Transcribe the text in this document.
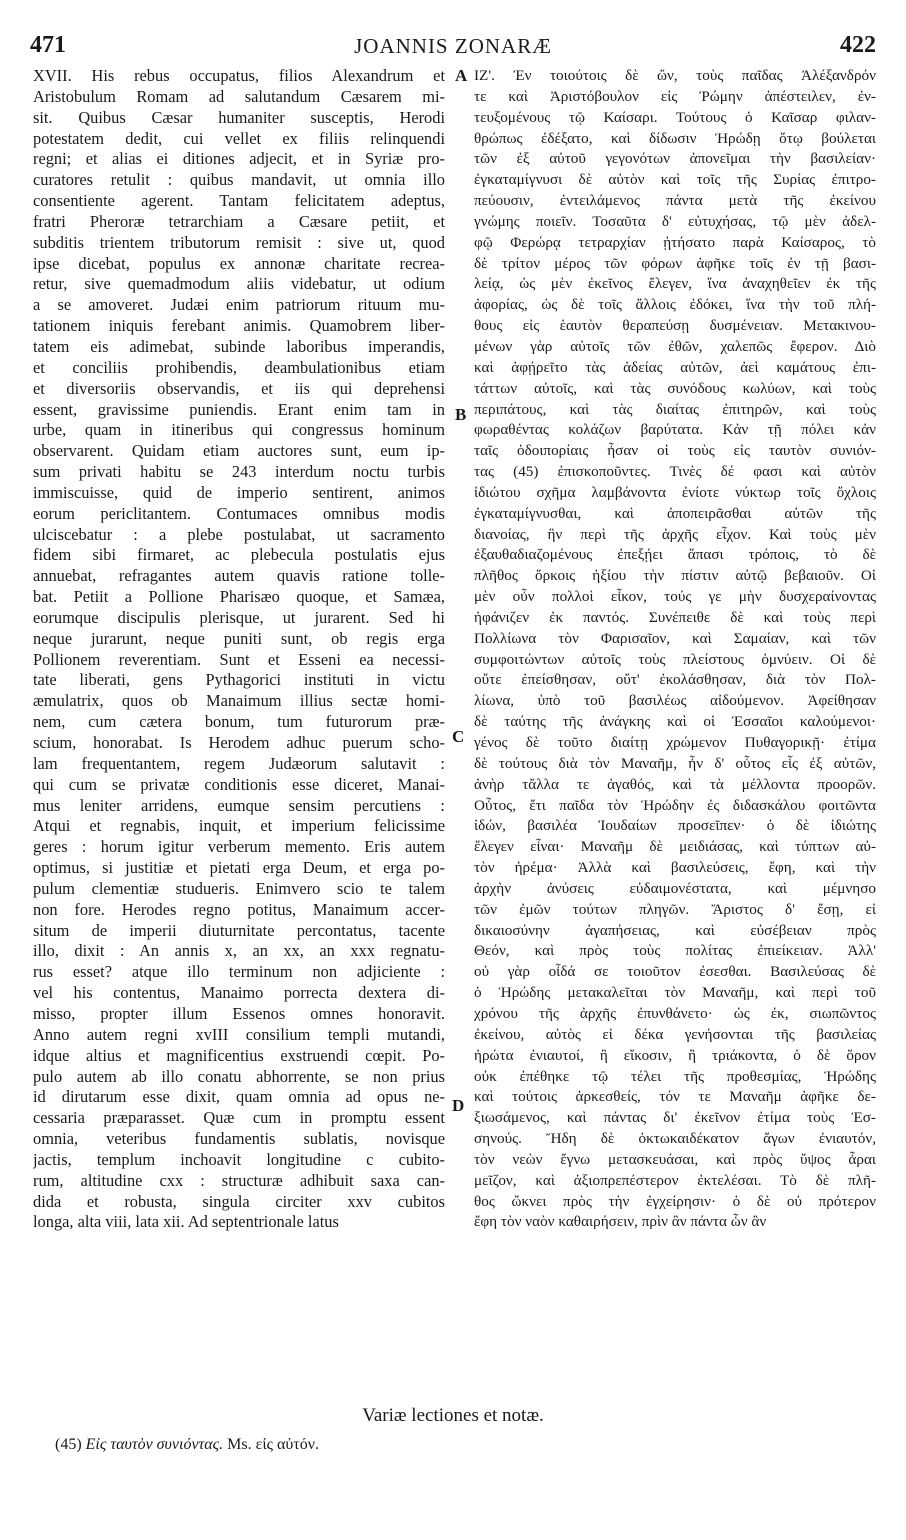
471	JOANNIS ZONARÆ	422
XVII. His rebus occupatus, filios Alexandrum et
Aristobulum Romam ad salutandum Cæsarem mi-
sit. Quibus Cæsar humaniter susceptis, Herodi
potestatem dedit, cui vellet ex filiis relinquendi
regni; et alias ei ditiones adjecit, et in Syriæ pro-
curatores retulit : quibus mandavit, ut omnia illo
consentiente agerent. Tantam felicitatem adeptus,
fratri Pheroræ tetrarchiam a Cæsare petiit, et
subditis trientem tributorum remisit : sive ut, quod
ipse dicebat, populus ex annonæ charitate recrea-
retur, sive quemadmodum aliis videbatur, ut odium
a se amoveret. Judæi enim patriorum rituum mu-
tationem iniquis ferebant animis. Quamobrem liber-
tatem eis adimebat, subinde laboribus imperandis,
et conciliis prohibendis, deambulationibus etiam
et diversoriis observandis, et iis qui deprehensi
essent, gravissime puniendis. Erant enim tam in
urbe, quam in itineribus qui congressus hominum
observarent. Quidam etiam auctores sunt, eum ip-
sum privati habitu se 243 interdum noctu turbis
immiscuisse, quid de imperio sentirent, animos
eorum periclitantem. Contumaces omnibus modis
ulciscebatur : a plebe postulabat, ut sacramento
fidem sibi firmaret, ac plebecula postulatis ejus
annuebat, refragantes autem quavis ratione tolle-
bat. Petiit a Pollione Pharisæo quoque, et Samæa,
eorumque discipulis plerisque, ut jurarent. Sed hi
neque jurarunt, neque puniti sunt, ob regis erga
Pollionem reverentiam. Sunt et Esseni ea necessi-
tate liberati, gens Pythagorici instituti in victu
æmulatrix, quos ob Manaimum illius sectæ homi-
nem, cum cætera bonum, tum futurorum præ-
scium, honorabat. Is Herodem adhuc puerum scho-
lam frequentantem, regem Judæorum salutavit :
qui cum se privatæ conditionis esse diceret, Manai-
mus leniter arridens, eumque sensim percutiens :
Atqui et regnabis, inquit, et imperium felicissime
geres : horum igitur verberum memento. Eris autem
optimus, si justitiæ et pietati erga Deum, et erga po-
pulum clementiæ studueris. Enimvero scio te talem
non fore. Herodes regno potitus, Manaimum accer-
situm de imperii diuturnitate percontatus, tacente
illo, dixit : An annis x, an xx, an xxx regnatu-
rus esset? atque illo terminum non adjiciente :
vel his contentus, Manaimo porrecta dextera di-
misso, propter illum Essenos omnes honoravit.
Anno autem regni xvIII consilium templi mutandi,
idque altius et magnificentius exstruendi cœpit. Po-
pulo autem ab illo conatu abhorrente, se non prius
id dirutarum esse dixit, quam omnia ad opus ne-
cessaria præparasset. Quæ cum in promptu essent
omnia, veteribus fundamentis sublatis, novisque
jactis, templum inchoavit longitudine c cubito-
rum, altitudine cxx : structuræ adhibuit saxa can-
dida et robusta, singula circiter xxv cubitos
longa, alta viii, lata xii. Ad septentrionale latus
ΙΖ'. Ἐν τοιούτοις δὲ ὤν, τοὺς παῖδας Ἀλέξανδρόν
τε καὶ Ἀριστόβουλον εἰς Ῥώμην ἀπέστειλεν, ἐν-
τευξομένους τῷ Καίσαρι. Τούτους ὁ Καῖσαρ φιλαν-
θρώπως ἐδέξατο, καὶ δίδωσιν Ἡρώδῃ ὅτῳ βούλεται
τῶν ἐξ αὐτοῦ γεγονότων ἀπονεῖμαι τὴν βασιλείαν·
ἐγκαταμίγνυσι δὲ αὐτὸν καὶ τοῖς τῆς Συρίας ἐπιτρο-
πεύουσιν, ἐντειλάμενος πάντα μετὰ τῆς ἐκείνου
γνώμης ποιεῖν. Τοσαῦτα δ' εὐτυχήσας, τῷ μὲν ἀδελ-
φῷ Φερώρᾳ τετραρχίαν ᾐτήσατο παρὰ Καίσαρος, τὸ
δὲ τρίτον μέρος τῶν φόρων ἀφῆκε τοῖς ἐν τῇ βασι-
λείᾳ, ὡς μὲν ἐκεῖνος ἔλεγεν, ἵνα ἀναχηθεῖεν ἐκ τῆς
ἀφορίας, ὡς δὲ τοῖς ἄλλοις ἐδόκει, ἵνα τὴν τοῦ πλή-
θους εἰς ἑαυτὸν θεραπεύσῃ δυσμένειαν. Μετακινου-
μένων γὰρ αὐτοῖς τῶν ἐθῶν, χαλεπῶς ἔφερον. Διὸ
καὶ ἀφῄρεῖτο τὰς ἀδείας αὐτῶν, ἀεὶ καμάτους ἐπι-
τάττων αὐτοῖς, καὶ τὰς συνόδους κωλύων, καὶ τοὺς
περιπάτους, καὶ τὰς διαίτας ἐπιτηρῶν, καὶ τοὺς
φωραθέντας κολάζων βαρύτατα. Κἀν τῇ πόλει κἀν
ταῖς ὁδοιπορίαις ἦσαν οἱ τοὺς εἰς ταυτὸν συνιόν-
τας (45) ἐπισκοποῦντες. Τινὲς δέ φασι καὶ αὐτὸν
ἰδιώτου σχῆμα λαμβάνοντα ἐνίοτε νύκτωρ τοῖς ὄχλοις
ἐγκαταμίγνυσθαι, καὶ ἀποπειρᾶσθαι αὐτῶν τῆς
διανοίας, ἣν περὶ τῆς ἀρχῆς εἶχον. Καὶ τοὺς μὲν
ἐξαυθαδιαζομένους ἐπεξῄει ἅπασι τρόποις, τὸ δὲ
πλῆθος ὅρκοις ἠξίου τὴν πίστιν αὐτῷ βεβαιοῦν. Οἱ
μὲν οὖν πολλοὶ εἶκον, τούς γε μὴν δυσχεραίνοντας
ἠφάνιζεν ἐκ παντός. Συνέπειθε δὲ καὶ τοὺς περὶ
Πολλίωνα τὸν Φαρισαῖον, καὶ Σαμαίαν, καὶ τῶν
συμφοιτώντων αὐτοῖς τοὺς πλείστους ὀμνύειν. Οἱ δὲ
οὔτε ἐπείσθησαν, οὔτ' ἐκολάσθησαν, διὰ τὸν Πολ-
λίωνα, ὑπὸ τοῦ βασιλέως αἰδούμενον. Ἀφείθησαν
δὲ ταύτης τῆς ἀνάγκης καὶ οἱ Ἐσσαῖοι καλούμενοι·
γένος δὲ τοῦτο διαίτῃ χρώμενον Πυθαγορικῇ· ἐτίμα
δὲ τούτους διὰ τὸν Μαναῆμ, ἦν δ' οὗτος εἷς ἐξ αὐτῶν,
ἀνὴρ τἄλλα τε ἀγαθός, καὶ τὰ μέλλοντα προορῶν.
Οὗτος, ἔτι παῖδα τὸν Ἡρώδην ἐς διδασκάλου φοιτῶντα
ἰδών, βασιλέα Ἰουδαίων προσεῖπεν· ὁ δὲ ἰδιώτης
ἔλεγεν εἶναι· Μαναῆμ δὲ μειδιάσας, καὶ τύπτων αὐ-
τὸν ἠρέμα· Ἀλλὰ καὶ βασιλεύσεις, ἔφη, καὶ τὴν
ἀρχὴν ἀνύσεις εὐδαιμονέστατα, καὶ μέμνησο
τῶν ἐμῶν τούτων πληγῶν. Ἄριστος δ' ἔσῃ, εἰ
δικαιοσύνην ἀγαπήσειας, καὶ εὐσέβειαν πρὸς
Θεόν, καὶ πρὸς τοὺς πολίτας ἐπιείκειαν. Ἀλλ'
οὐ γὰρ οἶδά σε τοιοῦτον ἐσεσθαι. Βασιλεύσας δὲ
ὁ Ἡρώδης μετακαλεῖται τὸν Μαναῆμ, καὶ περὶ τοῦ
χρόνου τῆς ἀρχῆς ἐπυνθάνετο· ὡς ἐκ, σιωπῶντος
ἐκείνου, αὐτὸς εἰ δέκα γενήσονται τῆς βασιλείας
ἠρώτα ἐνιαυτοί, ἢ εἴκοσιν, ἢ τριάκοντα, ὁ δὲ ὅρον
οὐκ ἐπέθηκε τῷ τέλει τῆς προθεσμίας, Ἡρώδης
καὶ τούτοις ἀρκεσθείς, τόν τε Μαναῆμ ἀφῆκε δε-
ξιωσάμενος, καὶ πάντας δι' ἐκεῖνον ἐτίμα τοὺς Ἐσ-
σηνούς. Ἤδη δὲ ὀκτωκαιδέκατον ἄγων ἐνιαυτόν,
τὸν νεὼν ἔγνω μετασκευάσαι, καὶ πρὸς ὕψος ἆραι
μεῖζον, καὶ ἀξιοπρεπέστερον ἐκτελέσαι. Τὸ δὲ πλῆ-
θος ὤκνει πρὸς τὴν ἐγχείρησιν· ὁ δὲ οὐ πρότερον
ἔφη τὸν ναὸν καθαιρήσειν, πρὶν ἂν πάντα ὧν ἂν
A
B
C
D
Variæ lectiones et notæ.
(45) Εἰς ταυτὸν συνιόντας. Ms. εἰς αὐτόν.
